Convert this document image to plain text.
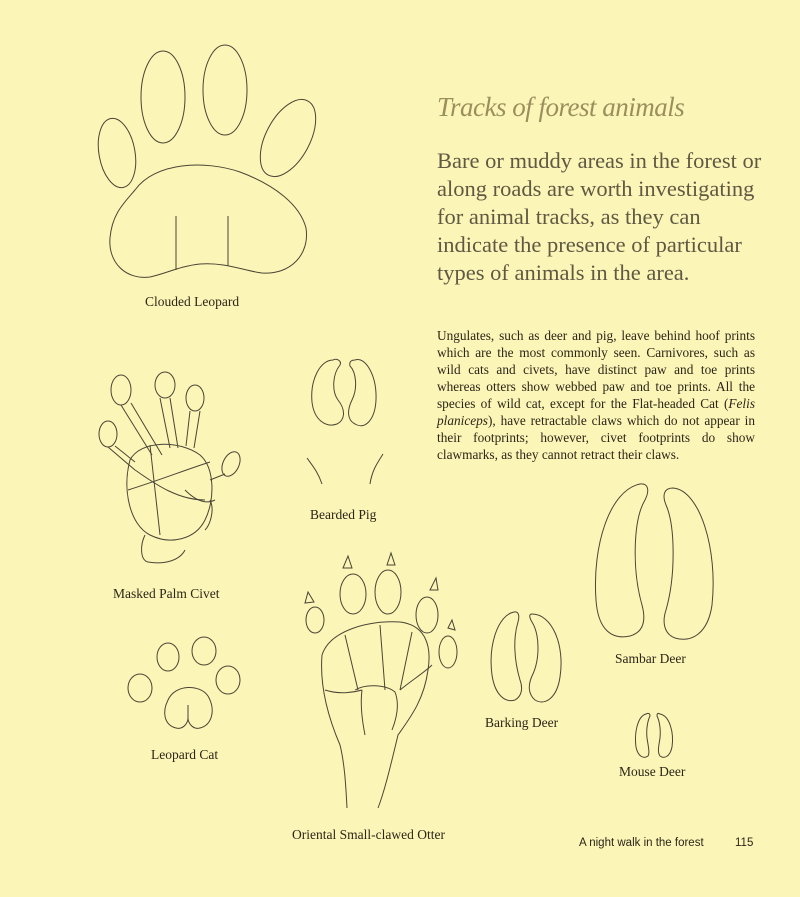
Tracks of forest animals
Bare or muddy areas in the forest or along roads are worth investigating for animal tracks, as they can indicate the presence of particular types of animals in the area.
Ungulates, such as deer and pig, leave behind hoof prints which are the most commonly seen. Carnivores, such as wild cats and civets, have distinct paw and toe prints whereas otters show webbed paw and toe prints. All the species of wild cat, except for the Flat-headed Cat (Felis planiceps), have retractable claws which do not appear in their footprints; however, civet footprints do show clawmarks, as they cannot retract their claws.
Clouded Leopard
Bearded Pig
Masked Palm Civet
Sambar Deer
Barking Deer
Leopard Cat
Mouse Deer
Oriental Small-clawed Otter
A night walk in the forest	115
